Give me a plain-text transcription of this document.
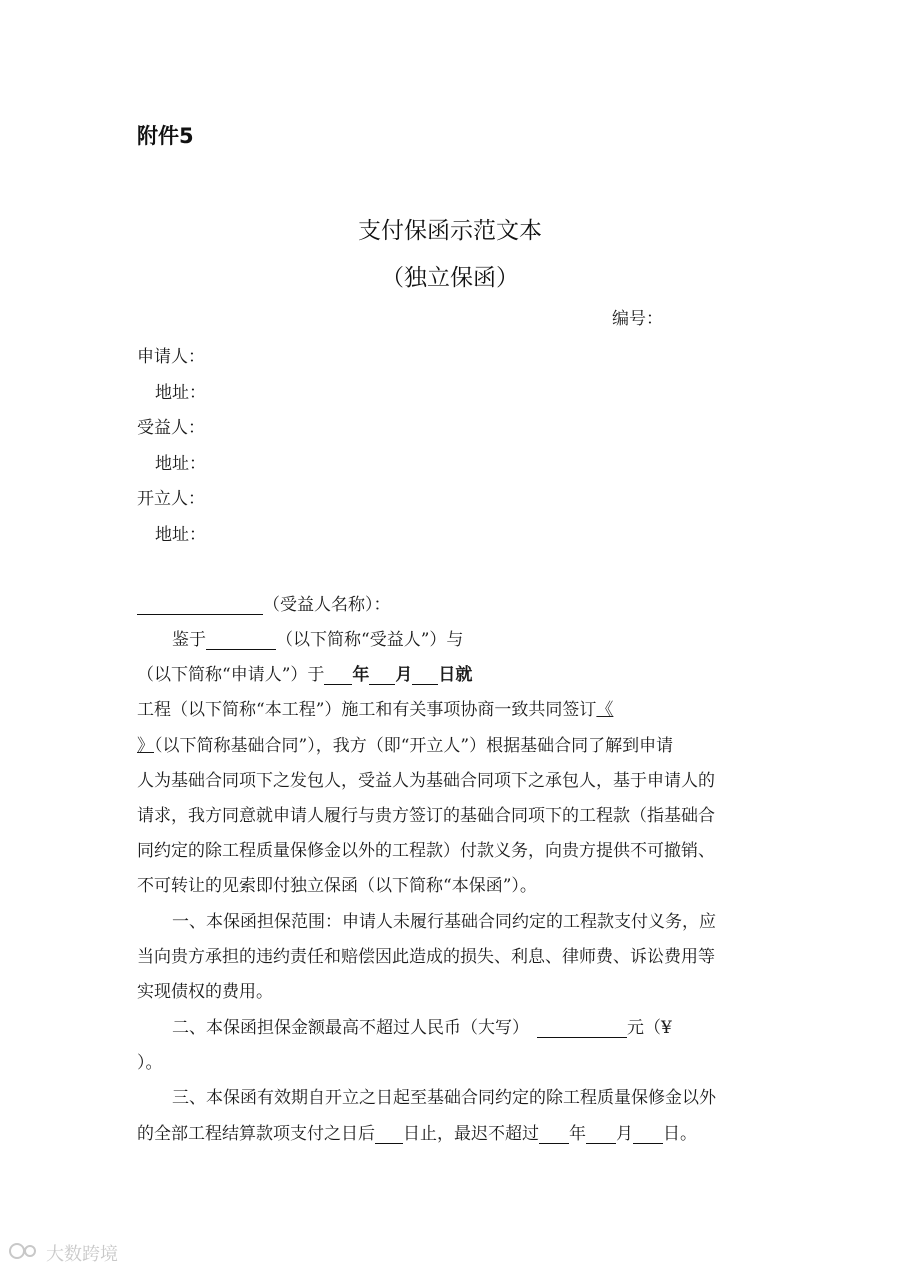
附件5
支付保函示范文本
（独立保函）
编号：
申请人：
地址：
受益人：
地址：
开立人：
地址：
（受益人名称）：
鉴于	（以下简称“受益人”）与
（以下简称“申请人”）于 年 月 日就
工程（以下简称“本工程”）施工和有关事项协商一致共同签订《
》（以下简称基础合同”），我方（即“开立人”）根据基础合同了解到申请
人为基础合同项下之发包人，受益人为基础合同项下之承包人，基于申请人的
请求，我方同意就申请人履行与贵方签订的基础合同项下的工程款（指基础合
同约定的除工程质量保修金以外的工程款）付款义务，向贵方提供不可撤销、
不可转让的见索即付独立保函（以下简称“本保函”）。
一、本保函担保范围：申请人未履行基础合同约定的工程款支付义务，应
当向贵方承担的违约责任和赔偿因此造成的损失、利息、律师费、诉讼费用等
实现债权的费用。
二、本保函担保金额最高不超过人民币（大写）	元（¥
）。
三、本保函有效期自开立之日起至基础合同约定的除工程质量保修金以外
的全部工程结算款项支付之日后 日止，最迟不超过 年 月 日。
大数跨境
